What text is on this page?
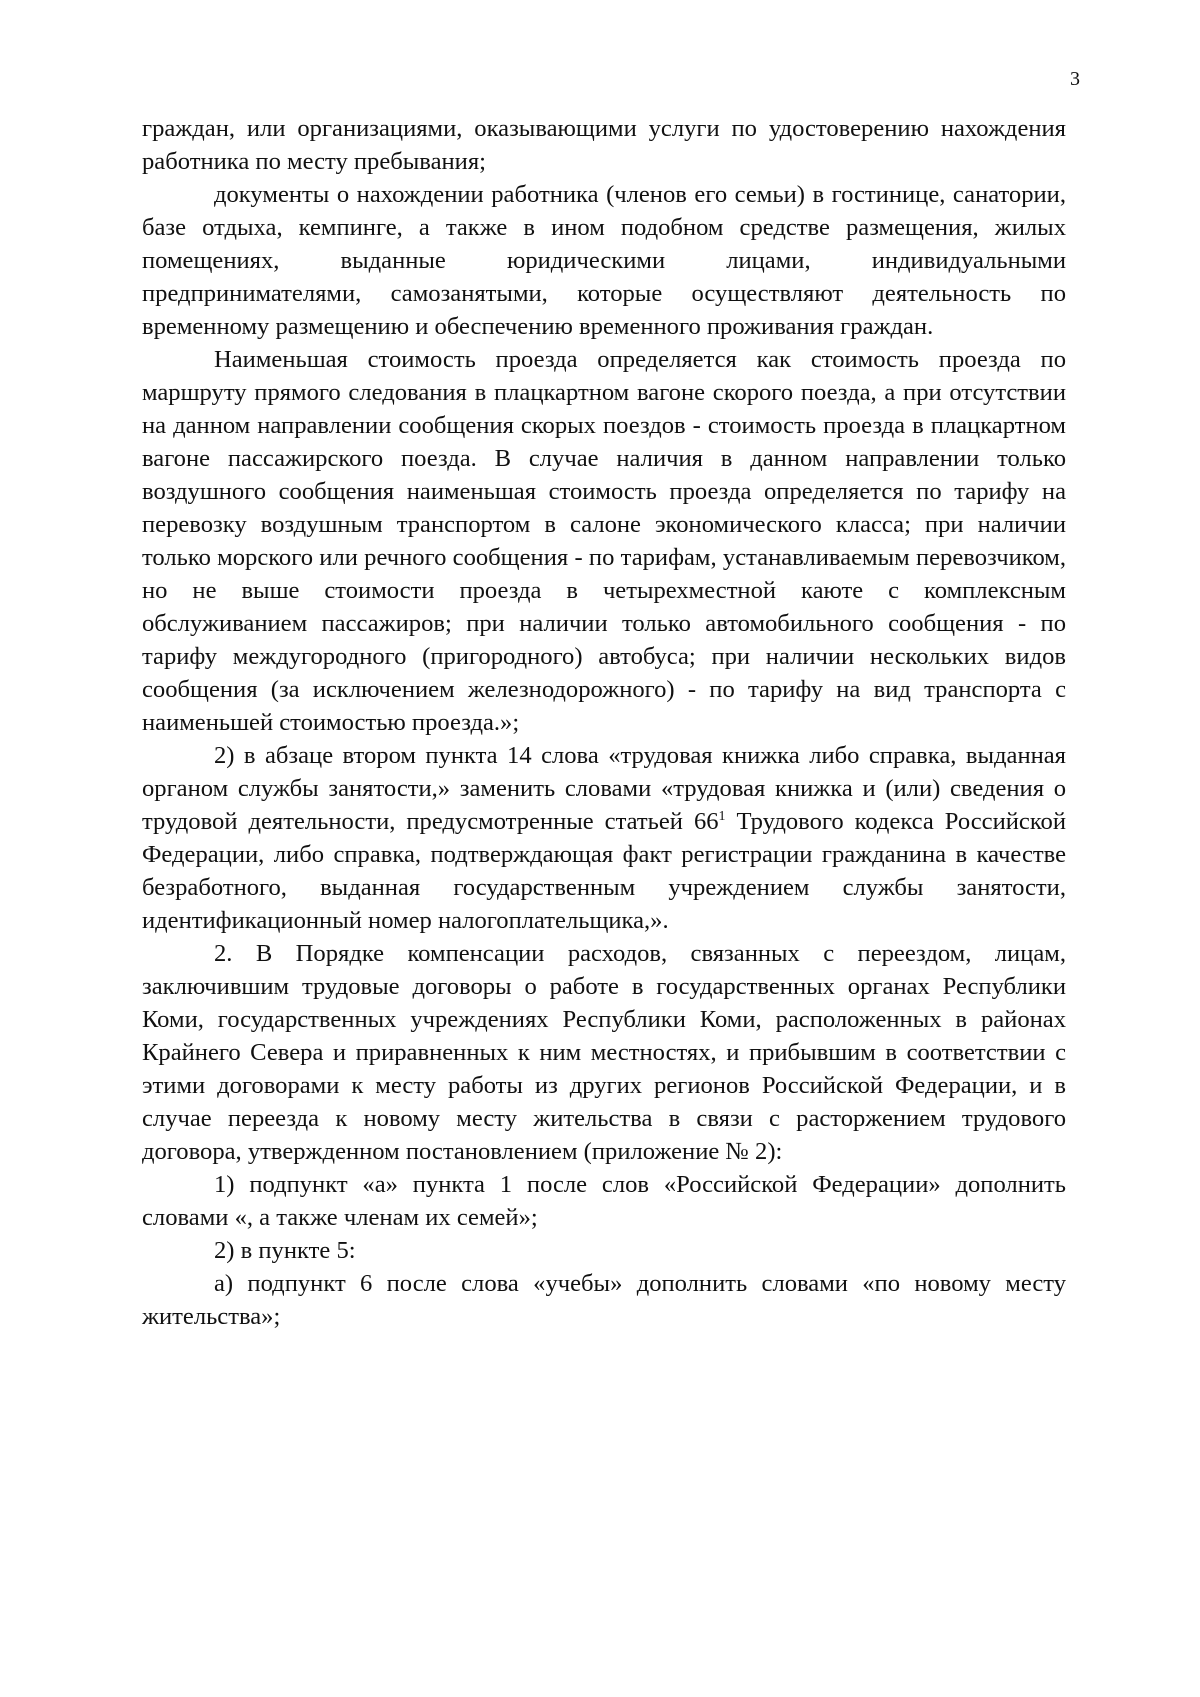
3

граждан, или организациями, оказывающими услуги по удостоверению нахождения работника по месту пребывания;

документы о нахождении работника (членов его семьи) в гостинице, санатории, базе отдыха, кемпинге, а также в ином подобном средстве размещения, жилых помещениях, выданные юридическими лицами, индивидуальными предпринимателями, самозанятыми, которые осуществляют деятельность по временному размещению и обеспечению временного проживания граждан.

Наименьшая стоимость проезда определяется как стоимость проезда по маршруту прямого следования в плацкартном вагоне скорого поезда, а при отсутствии на данном направлении сообщения скорых поездов - стоимость проезда в плацкартном вагоне пассажирского поезда. В случае наличия в данном направлении только воздушного сообщения наименьшая стоимость проезда определяется по тарифу на перевозку воздушным транспортом в салоне экономического класса; при наличии только морского или речного сообщения - по тарифам, устанавливаемым перевозчиком, но не выше стоимости проезда в четырехместной каюте с комплексным обслуживанием пассажиров; при наличии только автомобильного сообщения - по тарифу междугородного (пригородного) автобуса; при наличии нескольких видов сообщения (за исключением железнодорожного) - по тарифу на вид транспорта с наименьшей стоимостью проезда.»;

2) в абзаце втором пункта 14 слова «трудовая книжка либо справка, выданная органом службы занятости,» заменить словами «трудовая книжка и (или) сведения о трудовой деятельности, предусмотренные статьей $66^1$ Трудового кодекса Российской Федерации, либо справка, подтверждающая факт регистрации гражданина в качестве безработного, выданная государственным учреждением службы занятости, идентификационный номер налогоплательщика,».

2. В Порядке компенсации расходов, связанных с переездом, лицам, заключившим трудовые договоры о работе в государственных органах Республики Коми, государственных учреждениях Республики Коми, расположенных в районах Крайнего Севера и приравненных к ним местностях, и прибывшим в соответствии с этими договорами к месту работы из других регионов Российской Федерации, и в случае переезда к новому месту жительства в связи с расторжением трудового договора, утвержденном постановлением (приложение № 2):

1) подпункт «а» пункта 1 после слов «Российской Федерации» дополнить словами «, а также членам их семей»;

2) в пункте 5:

а) подпункт 6 после слова «учебы» дополнить словами «по новому месту жительства»;
